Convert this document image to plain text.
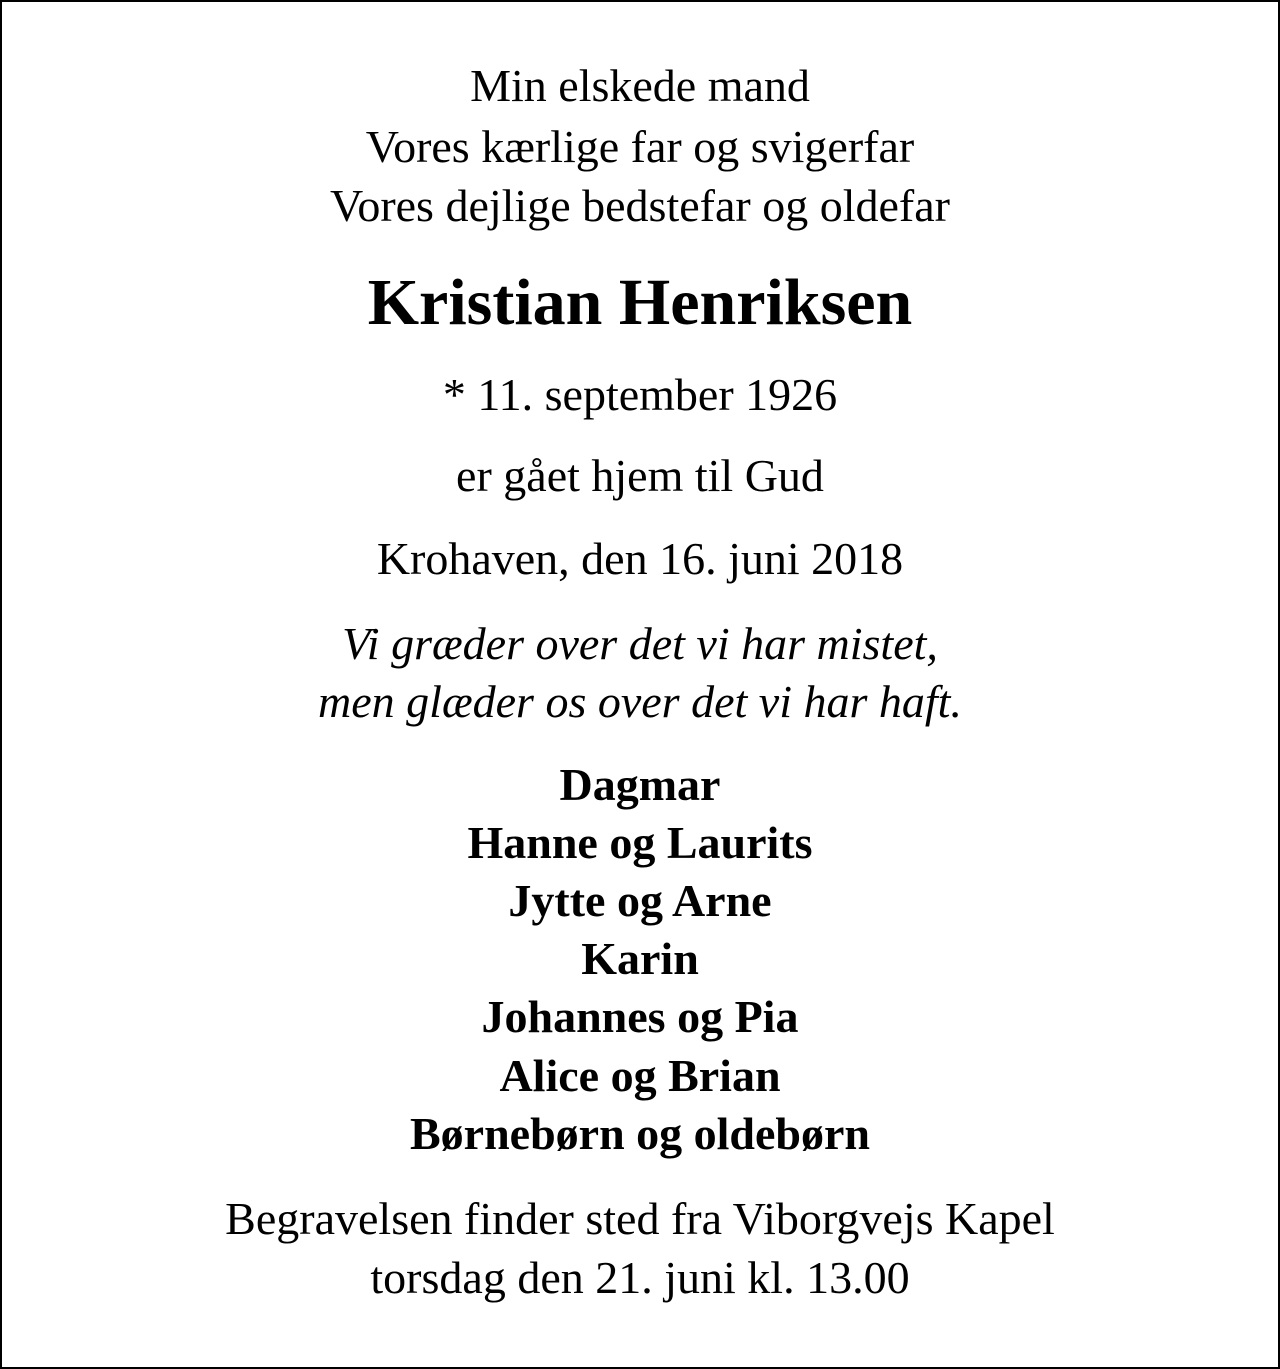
Min elskede mand
Vores kærlige far og svigerfar
Vores dejlige bedstefar og oldefar
Kristian Henriksen
* 11. september 1926
er gået hjem til Gud
Krohaven, den 16. juni 2018
Vi græder over det vi har mistet,
men glæder os over det vi har haft.
Dagmar
Hanne og Laurits
Jytte og Arne
Karin
Johannes og Pia
Alice og Brian
Børnebørn og oldebørn
Begravelsen finder sted fra Viborgvejs Kapel
torsdag den 21. juni kl. 13.00
